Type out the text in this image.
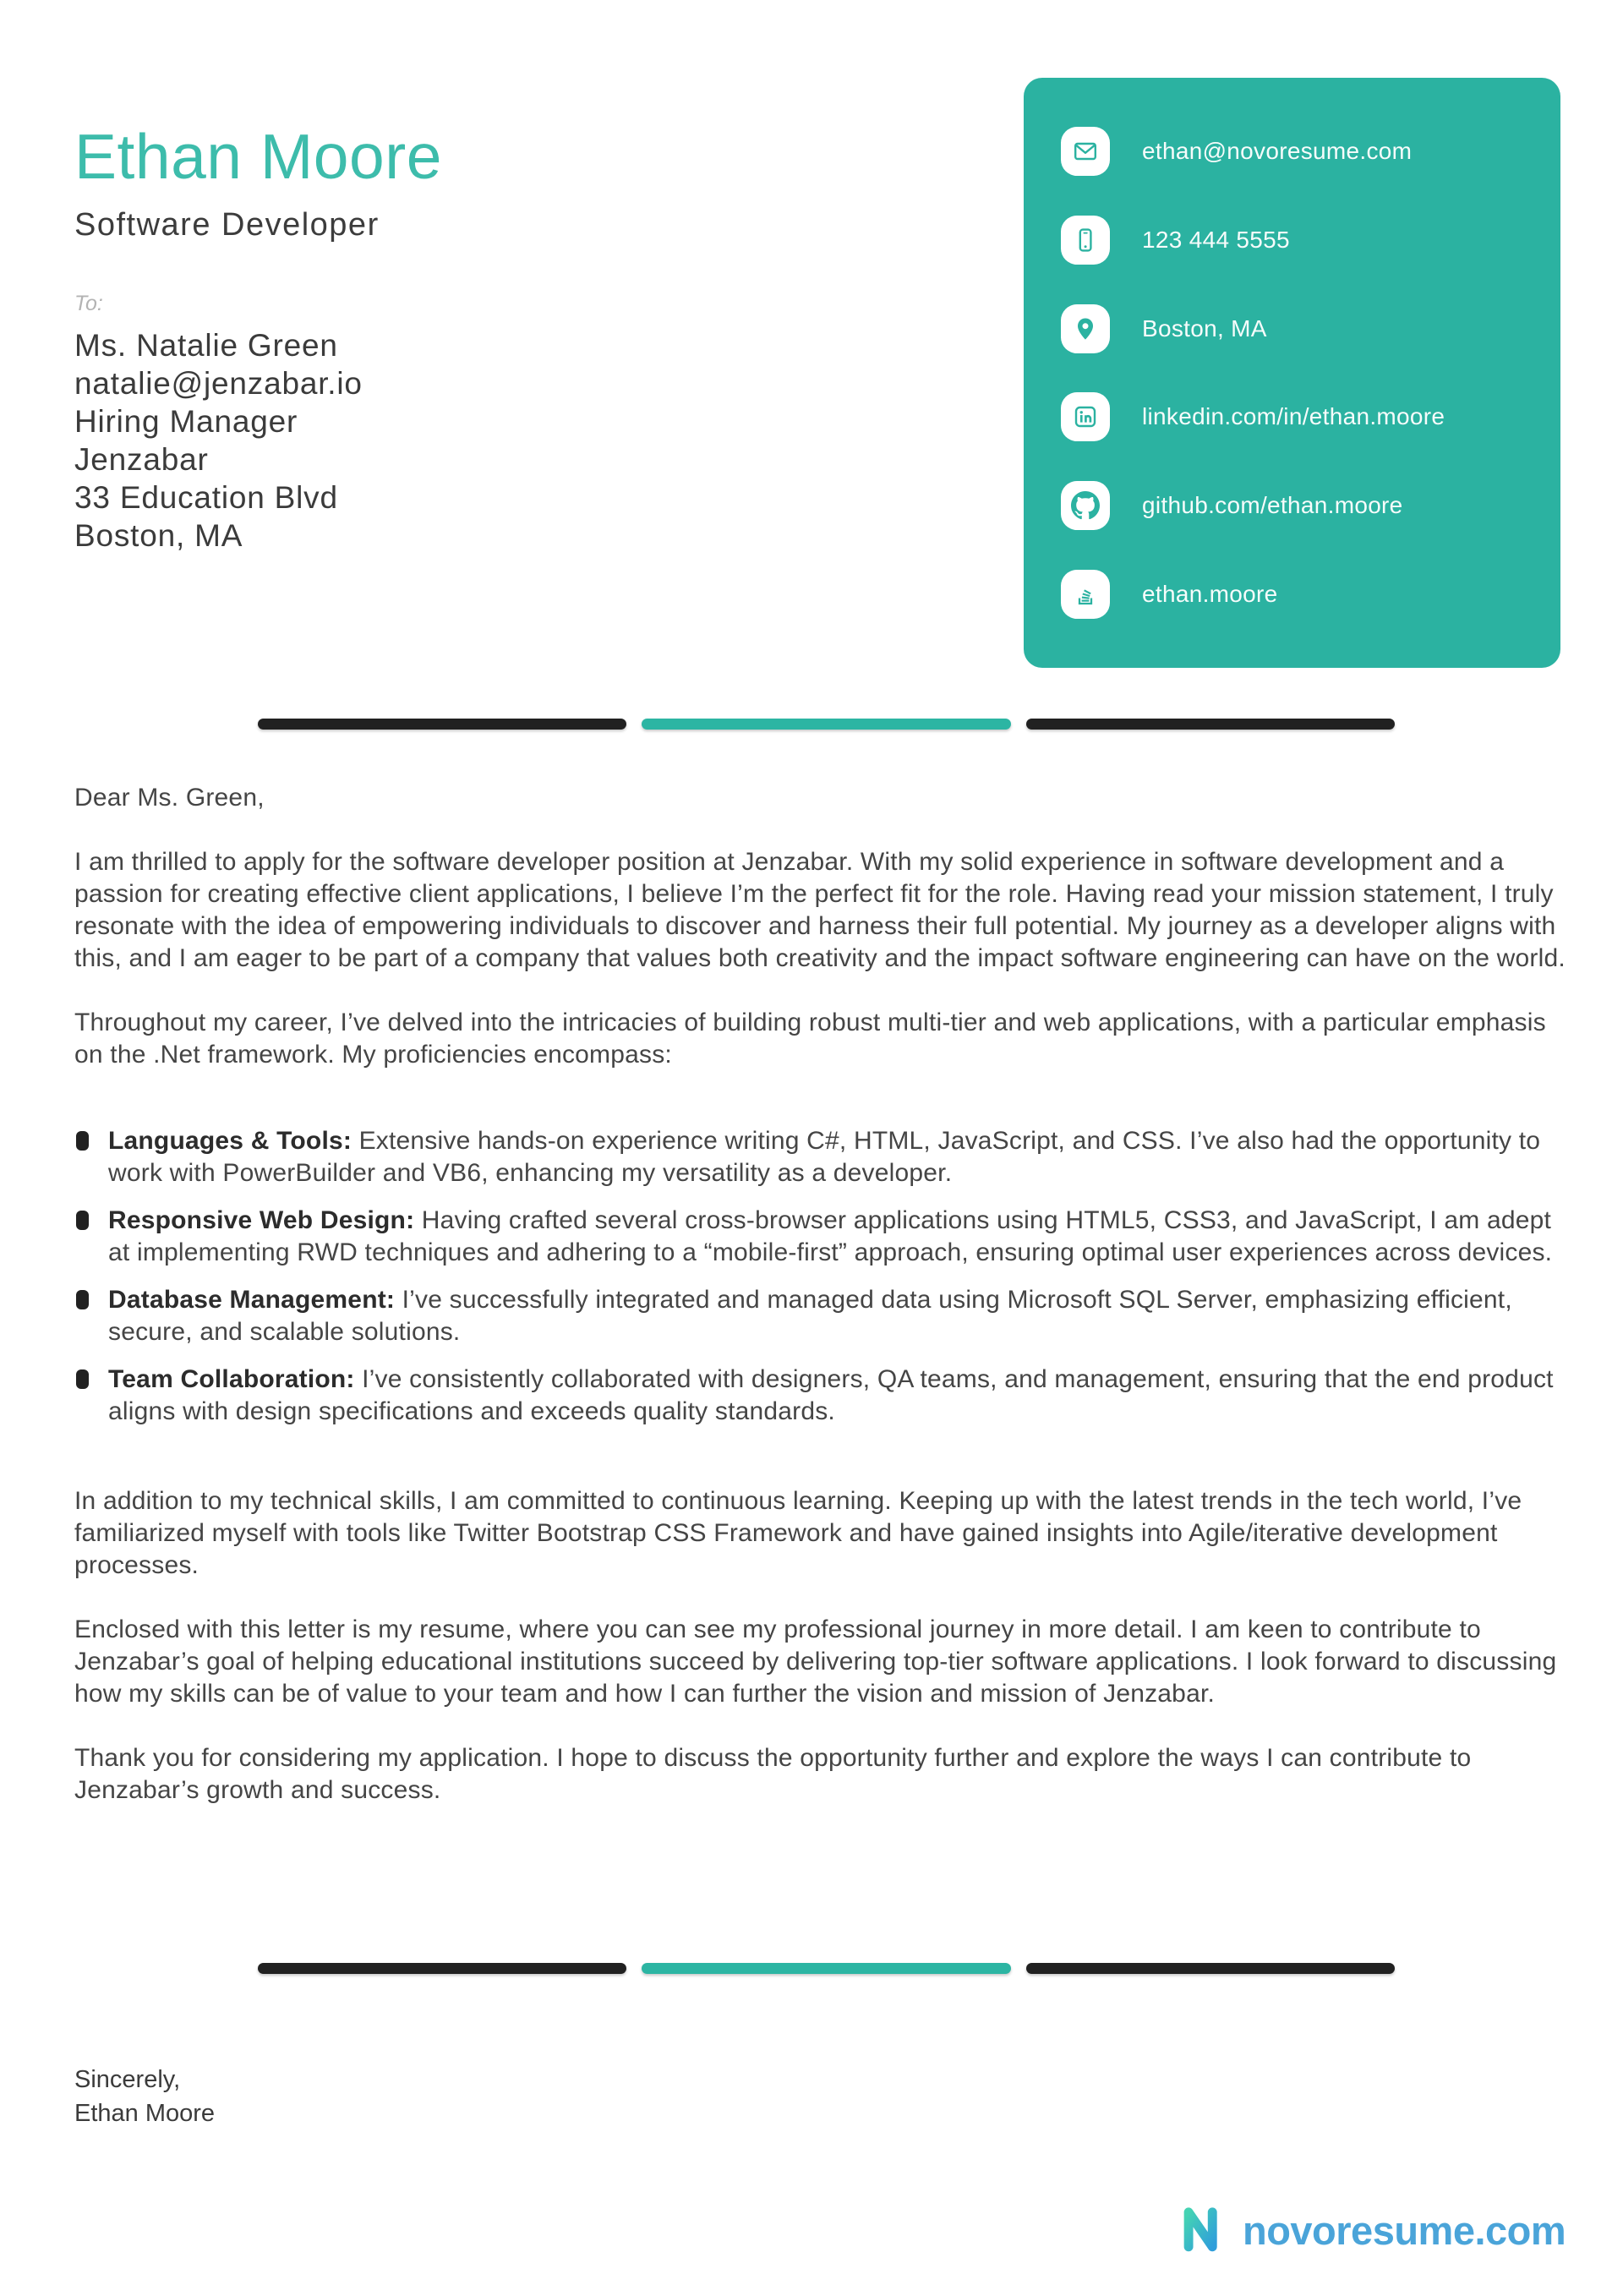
Ethan Moore
Software Developer
To:
Ms. Natalie Green
natalie@jenzabar.io
Hiring Manager
Jenzabar
33 Education Blvd
Boston, MA
ethan@novoresume.com
123 444 5555
Boston, MA
linkedin.com/in/ethan.moore
github.com/ethan.moore
ethan.moore

Dear Ms. Green,

I am thrilled to apply for the software developer position at Jenzabar. With my solid experience in software development and a passion for creating effective client applications, I believe I’m the perfect fit for the role. Having read your mission statement, I truly resonate with the idea of empowering individuals to discover and harness their full potential. My journey as a developer aligns with this, and I am eager to be part of a company that values both creativity and the impact software engineering can have on the world.

Throughout my career, I’ve delved into the intricacies of building robust multi-tier and web applications, with a particular emphasis on the .Net framework. My proficiencies encompass:

Languages & Tools: Extensive hands-on experience writing C#, HTML, JavaScript, and CSS. I’ve also had the opportunity to work with PowerBuilder and VB6, enhancing my versatility as a developer.
Responsive Web Design: Having crafted several cross-browser applications using HTML5, CSS3, and JavaScript, I am adept at implementing RWD techniques and adhering to a “mobile-first” approach, ensuring optimal user experiences across devices.
Database Management: I’ve successfully integrated and managed data using Microsoft SQL Server, emphasizing efficient, secure, and scalable solutions.
Team Collaboration: I’ve consistently collaborated with designers, QA teams, and management, ensuring that the end product aligns with design specifications and exceeds quality standards.

In addition to my technical skills, I am committed to continuous learning. Keeping up with the latest trends in the tech world, I’ve familiarized myself with tools like Twitter Bootstrap CSS Framework and have gained insights into Agile/iterative development processes.

Enclosed with this letter is my resume, where you can see my professional journey in more detail. I am keen to contribute to Jenzabar’s goal of helping educational institutions succeed by delivering top-tier software applications. I look forward to discussing how my skills can be of value to your team and how I can further the vision and mission of Jenzabar.

Thank you for considering my application. I hope to discuss the opportunity further and explore the ways I can contribute to Jenzabar’s growth and success.

Sincerely,
Ethan Moore
novoresume.com
